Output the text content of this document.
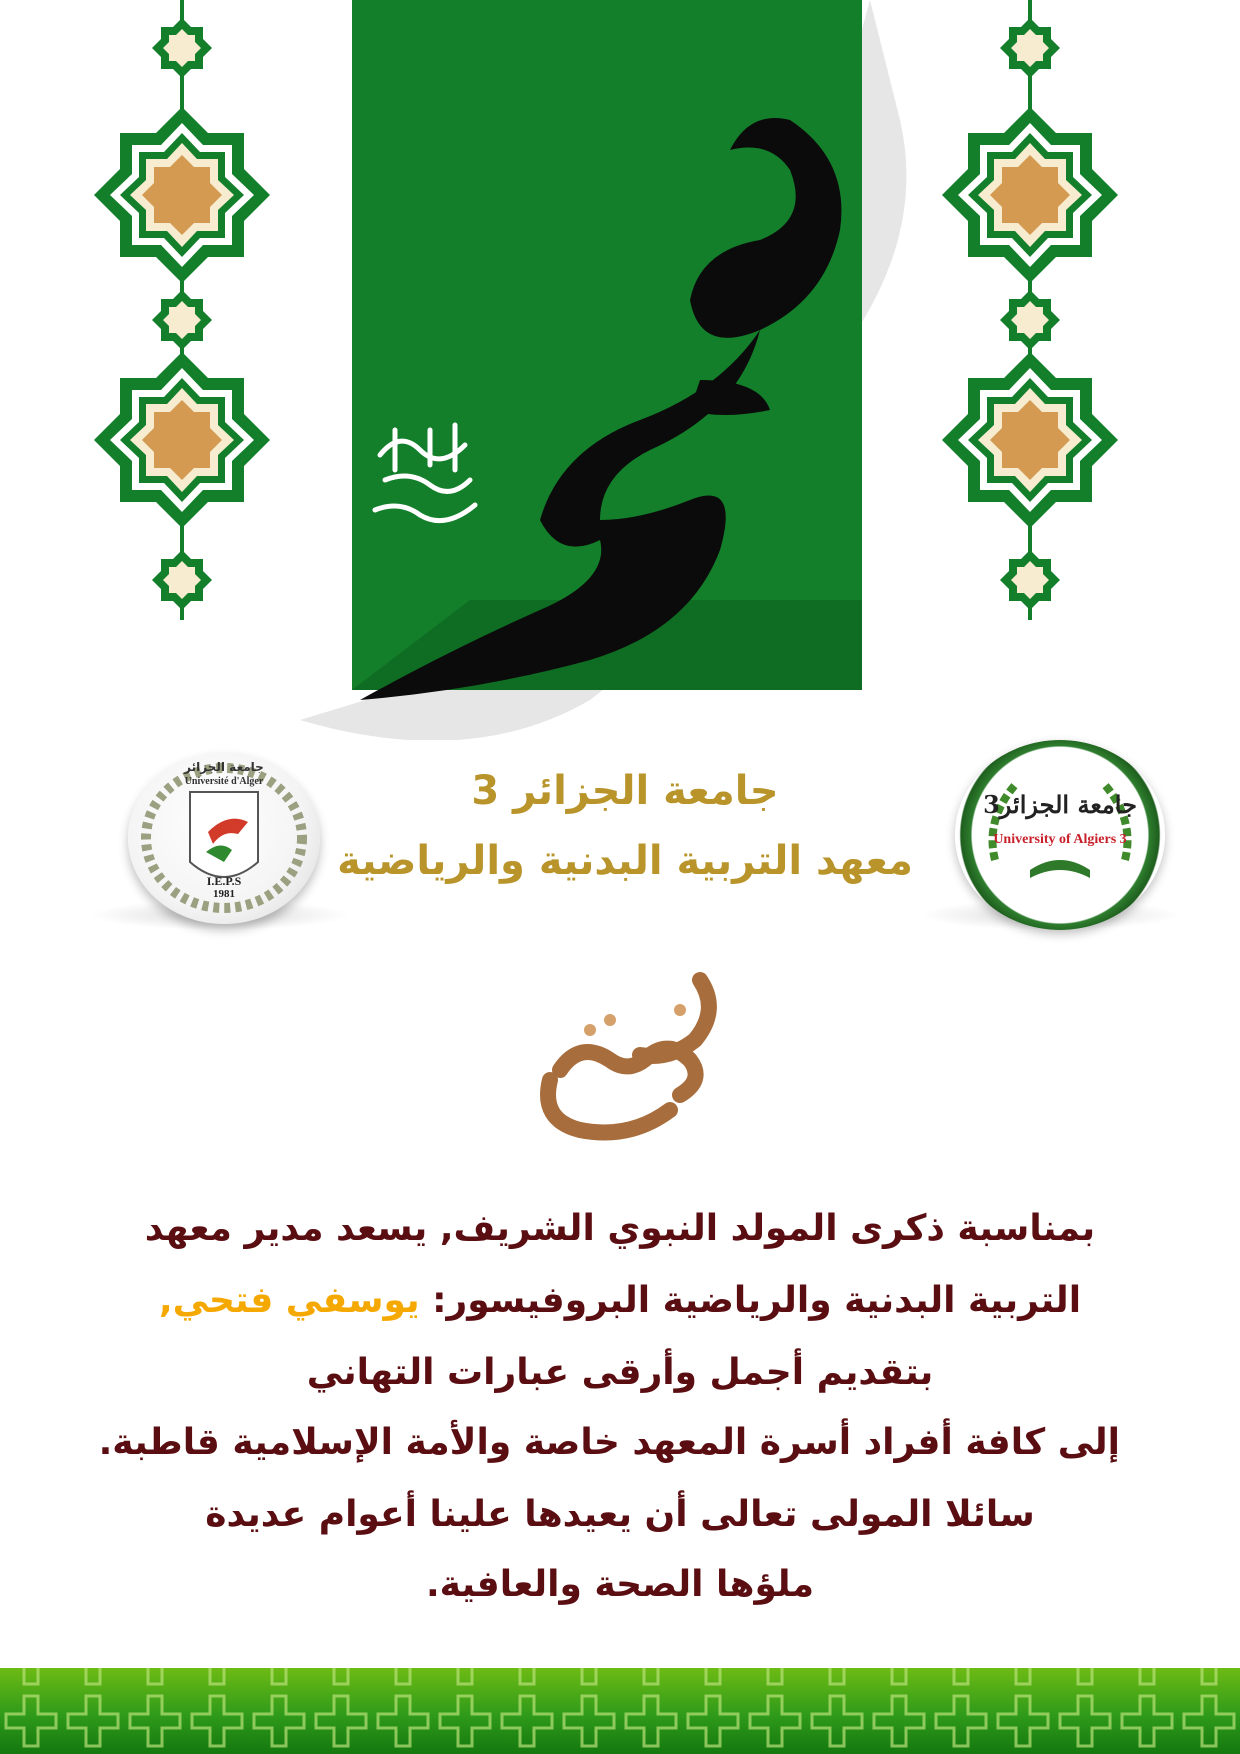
جامعة الجزائر
Université d'Alger
I.E.P.S
1981
جامعة الجزائر3
University of Algiers 3
جامعة الجزائر 3
معهد التربية البدنية والرياضية
بمناسبة ذكرى المولد النبوي الشريف, يسعد مدير معهد
التربية البدنية والرياضية البروفيسور: يوسفي فتحي,
بتقديم أجمل وأرقى عبارات التهاني
إلى كافة أفراد أسرة المعهد خاصة والأمة الإسلامية قاطبة.
سائلا المولى تعالى أن يعيدها علينا أعوام عديدة
ملؤها الصحة والعافية.
